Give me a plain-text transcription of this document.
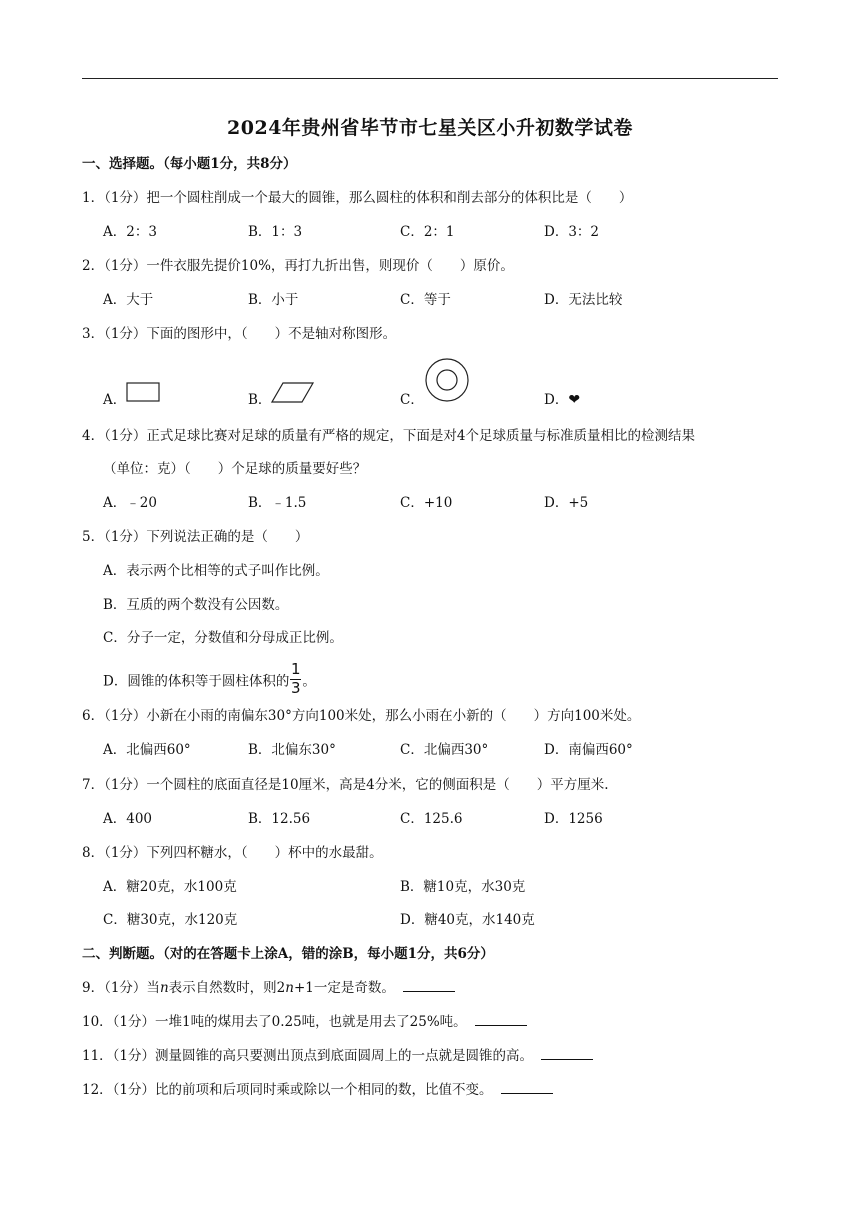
2024年贵州省毕节市七星关区小升初数学试卷
一、选择题。（每小题1分，共8分）
1．（1分）把一个圆柱削成一个最大的圆锥，那么圆柱的体积和削去部分的体积比是（　　）
A．2：3	B．1：3	C．2：1	D．3：2
2．（1分）一件衣服先提价10%，再打九折出售，则现价（　　）原价。
A．大于	B．小于	C．等于	D．无法比较
3．（1分）下面的图形中，（　　）不是轴对称图形。
A．	B．	C．	D．❤
4．（1分）正式足球比赛对足球的质量有严格的规定，下面是对4个足球质量与标准质量相比的检测结果
（单位：克）（　　）个足球的质量要好些？
A．﹣20	B．﹣1.5	C．+10	D．+5
5．（1分）下列说法正确的是（　　）
A．表示两个比相等的式子叫作比例。
B．互质的两个数没有公因数。
C．分子一定，分数值和分母成正比例。
D．圆锥的体积等于圆柱体积的 $\frac{1}{3}$ 。
6．（1分）小新在小雨的南偏东30°方向100米处，那么小雨在小新的（　　）方向100米处。
A．北偏西60°	B．北偏东30°	C．北偏西30°	D．南偏西60°
7．（1分）一个圆柱的底面直径是10厘米，高是4分米，它的侧面积是（　　）平方厘米.
A．400	B．12.56	C．125.6	D．1256
8．（1分）下列四杯糖水，（　　）杯中的水最甜。
A．糖20克，水100克	B．糖10克，水30克
C．糖30克，水120克	D．糖40克，水140克
二、判断题。（对的在答题卡上涂A，错的涂B，每小题1分，共6分）
9．（1分）当n表示自然数时，则2n+1一定是奇数。
10．（1分）一堆1吨的煤用去了0.25吨，也就是用去了25%吨。
11．（1分）测量圆锥的高只要测出顶点到底面圆周上的一点就是圆锥的高。
12．（1分）比的前项和后项同时乘或除以一个相同的数，比值不变。
